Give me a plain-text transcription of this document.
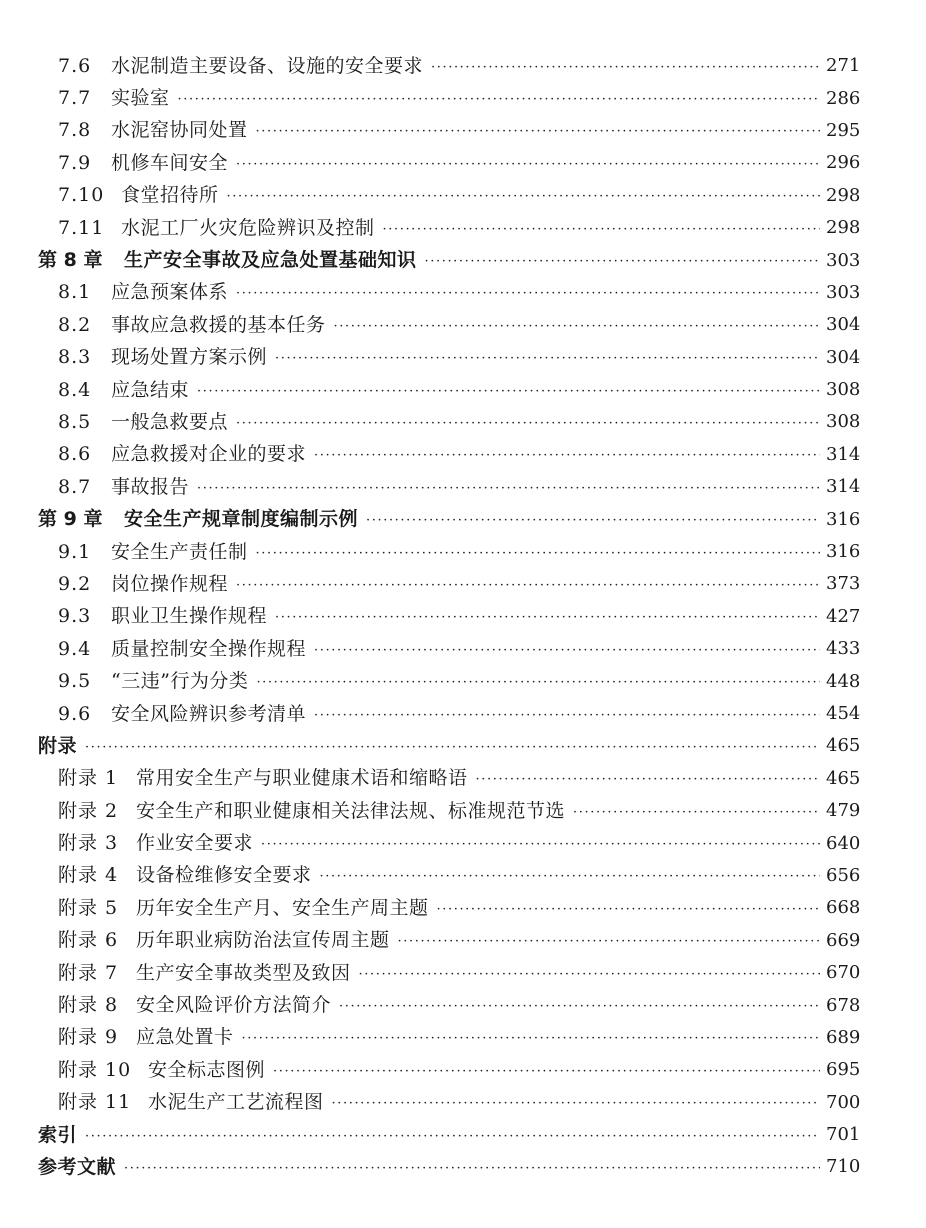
7.6	水泥制造主要设备、设施的安全要求 ·····	271
7.7	实验室 ·····	286
7.8	水泥窑协同处置 ·····	295
7.9	机修车间安全 ·····	296
7.10 食堂招待所 ·····	298
7.11 水泥工厂火灾危险辨识及控制 ·····	298
第 8 章	生产安全事故及应急处置基础知识 ·····	303
8.1	应急预案体系 ·····	303
8.2	事故应急救援的基本任务 ·····	304
8.3	现场处置方案示例 ·····	304
8.4	应急结束 ·····	308
8.5	一般急救要点 ·····	308
8.6	应急救援对企业的要求 ·····	314
8.7	事故报告 ·····	314
第 9 章	安全生产规章制度编制示例 ·····	316
9.1	安全生产责任制 ·····	316
9.2	岗位操作规程 ·····	373
9.3	职业卫生操作规程 ·····	427
9.4	质量控制安全操作规程 ·····	433
9.5	“三违”行为分类 ·····	448
9.6	安全风险辨识参考清单 ·····	454
附录 ·····	465
附录 1 常用安全生产与职业健康术语和缩略语 ·····	465
附录 2 安全生产和职业健康相关法律法规、标准规范节选 ·····	479
附录 3 作业安全要求 ·····	640
附录 4 设备检维修安全要求 ·····	656
附录 5 历年安全生产月、安全生产周主题 ·····	668
附录 6 历年职业病防治法宣传周主题 ·····	669
附录 7 生产安全事故类型及致因 ·····	670
附录 8 安全风险评价方法简介 ·····	678
附录 9 应急处置卡 ·····	689
附录 10 安全标志图例 ·····	695
附录 11 水泥生产工艺流程图 ·····	700
索引 ·····	701
参考文献 ·····	710
